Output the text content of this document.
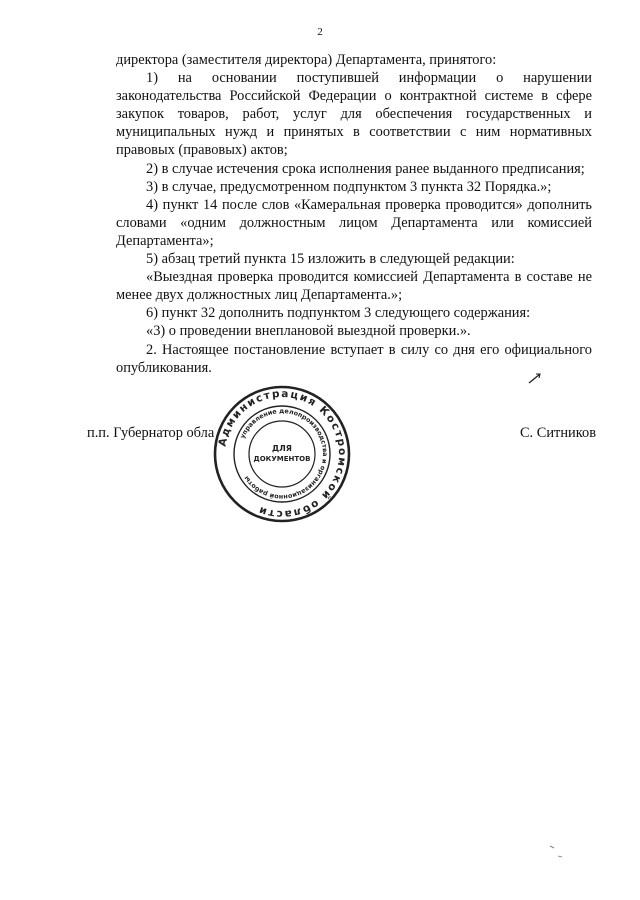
2

директора (заместителя директора) Департамента, принятого:

1) на основании поступившей информации о нарушении законодательства Российской Федерации о контрактной системе в сфере закупок товаров, работ, услуг для обеспечения государственных и муниципальных нужд и принятых в соответствии с ним нормативных правовых (правовых) актов;

2) в случае истечения срока исполнения ранее выданного предписания;

3) в случае, предусмотренном подпунктом 3 пункта 32 Порядка.»;

4) пункт 14 после слов «Камеральная проверка проводится» дополнить словами «одним должностным лицом Департамента или комиссией Департамента»;

5) абзац третий пункта 15 изложить в следующей редакции:

«Выездная проверка проводится комиссией Департамента в составе не менее двух должностных лиц Департамента.»;

6) пункт 32 дополнить подпунктом 3 следующего содержания:

«3) о проведении внеплановой выездной проверки.».

2. Настоящее постановление вступает в силу со дня его официального опубликования.

п.п. Губернатор обла	С. Ситников
Администрация Костромской области
управление делопроизводства и организационной работы
ДЛЯ
ДОКУМЕНТОВ
